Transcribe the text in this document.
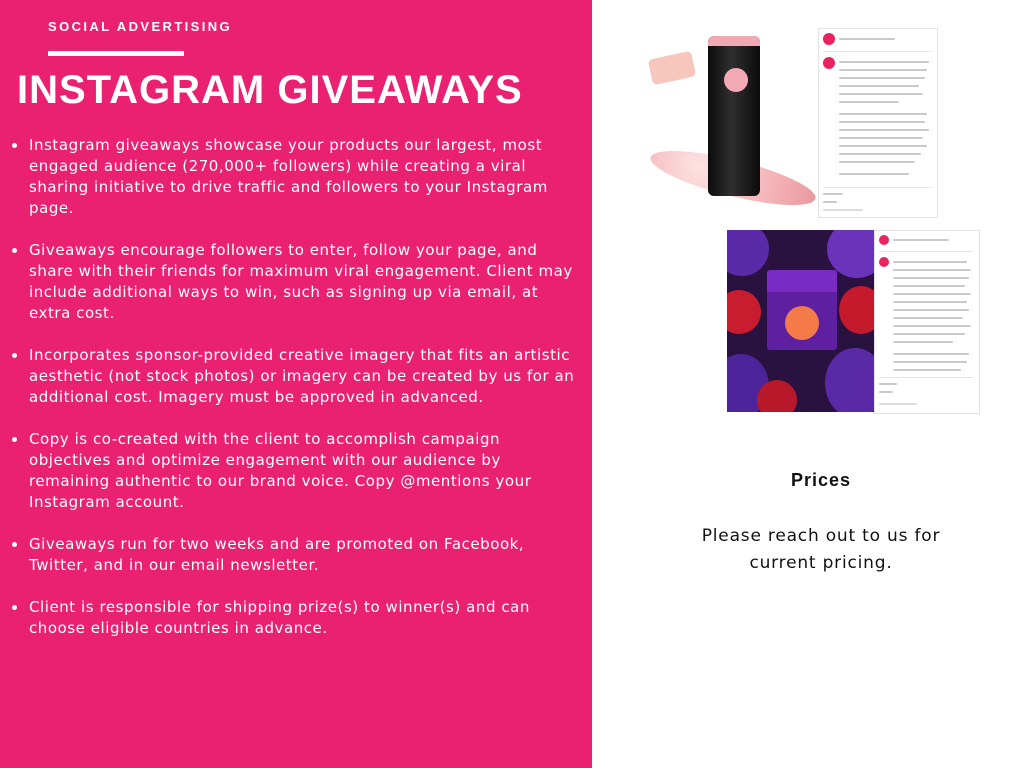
SOCIAL ADVERTISING
INSTAGRAM GIVEAWAYS
Instagram giveaways showcase your products our largest, most engaged audience (270,000+ followers) while creating a viral sharing initiative to drive traffic and followers to your Instagram page.
Giveaways encourage followers to enter, follow your page, and share with their friends for maximum viral engagement. Client may include additional ways to win, such as signing up via email, at extra cost.
Incorporates sponsor-provided creative imagery that fits an artistic aesthetic (not stock photos) or imagery can be created by us for an additional cost. Imagery must be approved in advanced.
Copy is co-created with the client to accomplish campaign objectives and optimize engagement with our audience by remaining authentic to our brand voice. Copy @mentions your Instagram account.
Giveaways run for two weeks and are promoted on Facebook, Twitter, and in our email newsletter.
Client is responsible for shipping prize(s) to winner(s) and can choose eligible countries in advance.
Prices
Please reach out to us for current pricing.
